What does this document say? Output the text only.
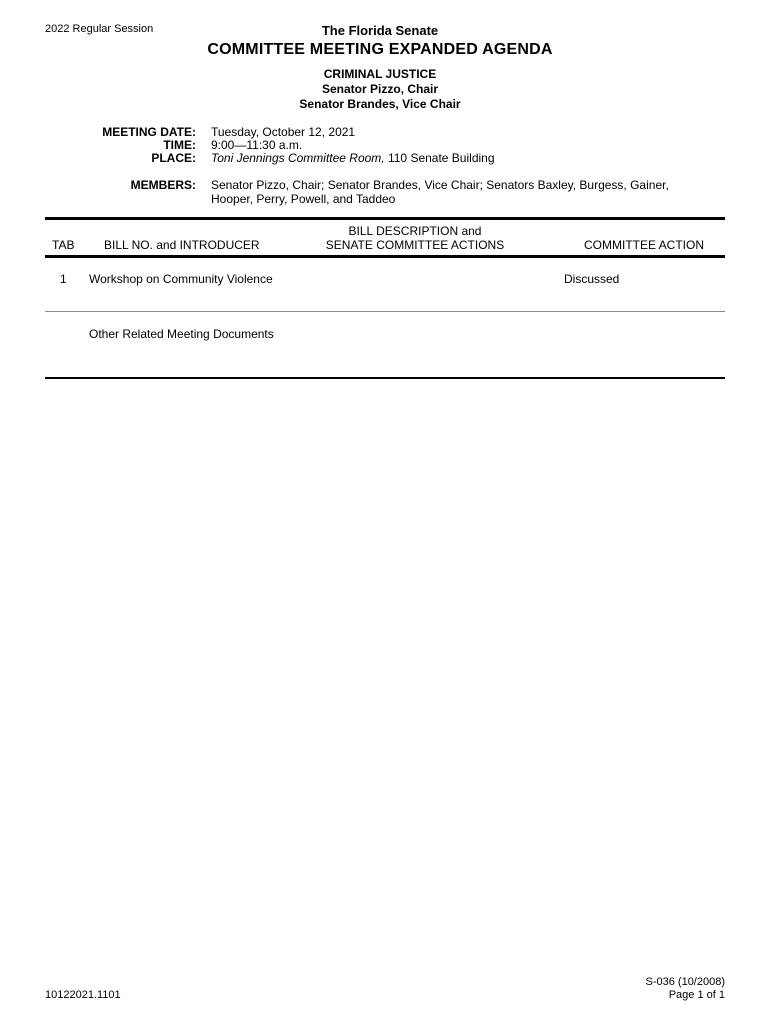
2022 Regular Session	The Florida Senate
COMMITTEE MEETING EXPANDED AGENDA
CRIMINAL JUSTICE
Senator Pizzo, Chair
Senator Brandes, Vice Chair
MEETING DATE: Tuesday, October 12, 2021
TIME: 9:00—11:30 a.m.
PLACE: Toni Jennings Committee Room, 110 Senate Building
MEMBERS: Senator Pizzo, Chair; Senator Brandes, Vice Chair; Senators Baxley, Burgess, Gainer, Hooper, Perry, Powell, and Taddeo
TAB BILL NO. and INTRODUCER
BILL DESCRIPTION and
SENATE COMMITTEE ACTIONS	COMMITTEE ACTION
1 Workshop on Community Violence	Discussed
Other Related Meeting Documents
10122021.1101
S-036 (10/2008)
Page 1 of 1
